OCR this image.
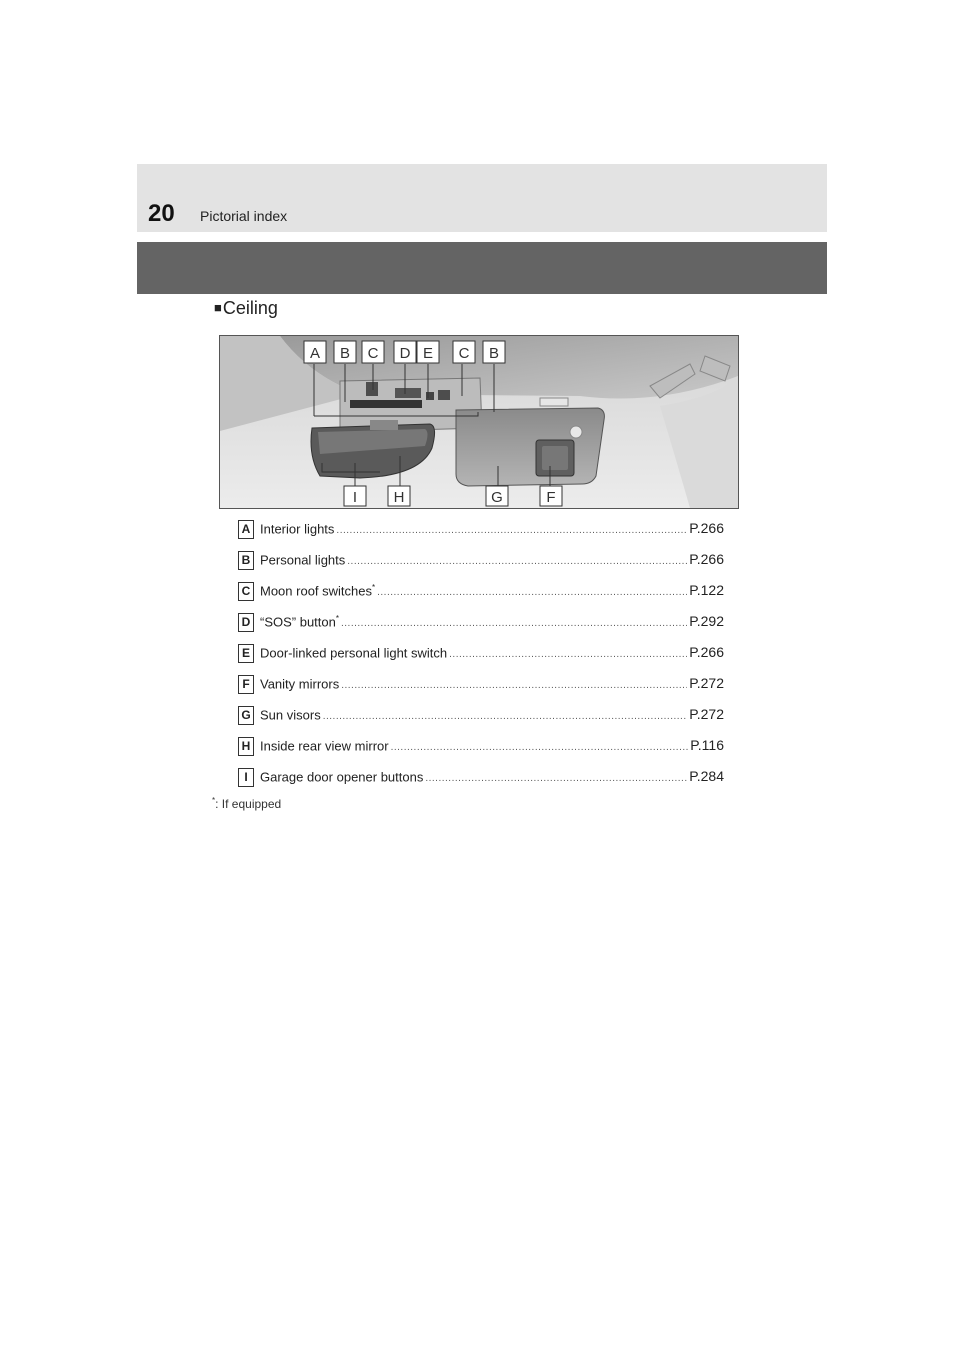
20 Pictorial index
■Ceiling
A B C D E C B
I H	G	F
A Interior lights .....	P.266
B Personal lights .....	P.266
C Moon roof switches* .....	P.122
D “SOS” button* .....	P.292
E Door-linked personal light switch .....	P.266
F Vanity mirrors .....	P.272
G Sun visors .....	P.272
H Inside rear view mirror .....	P.116
I Garage door opener buttons .....	P.284
*: If equipped
